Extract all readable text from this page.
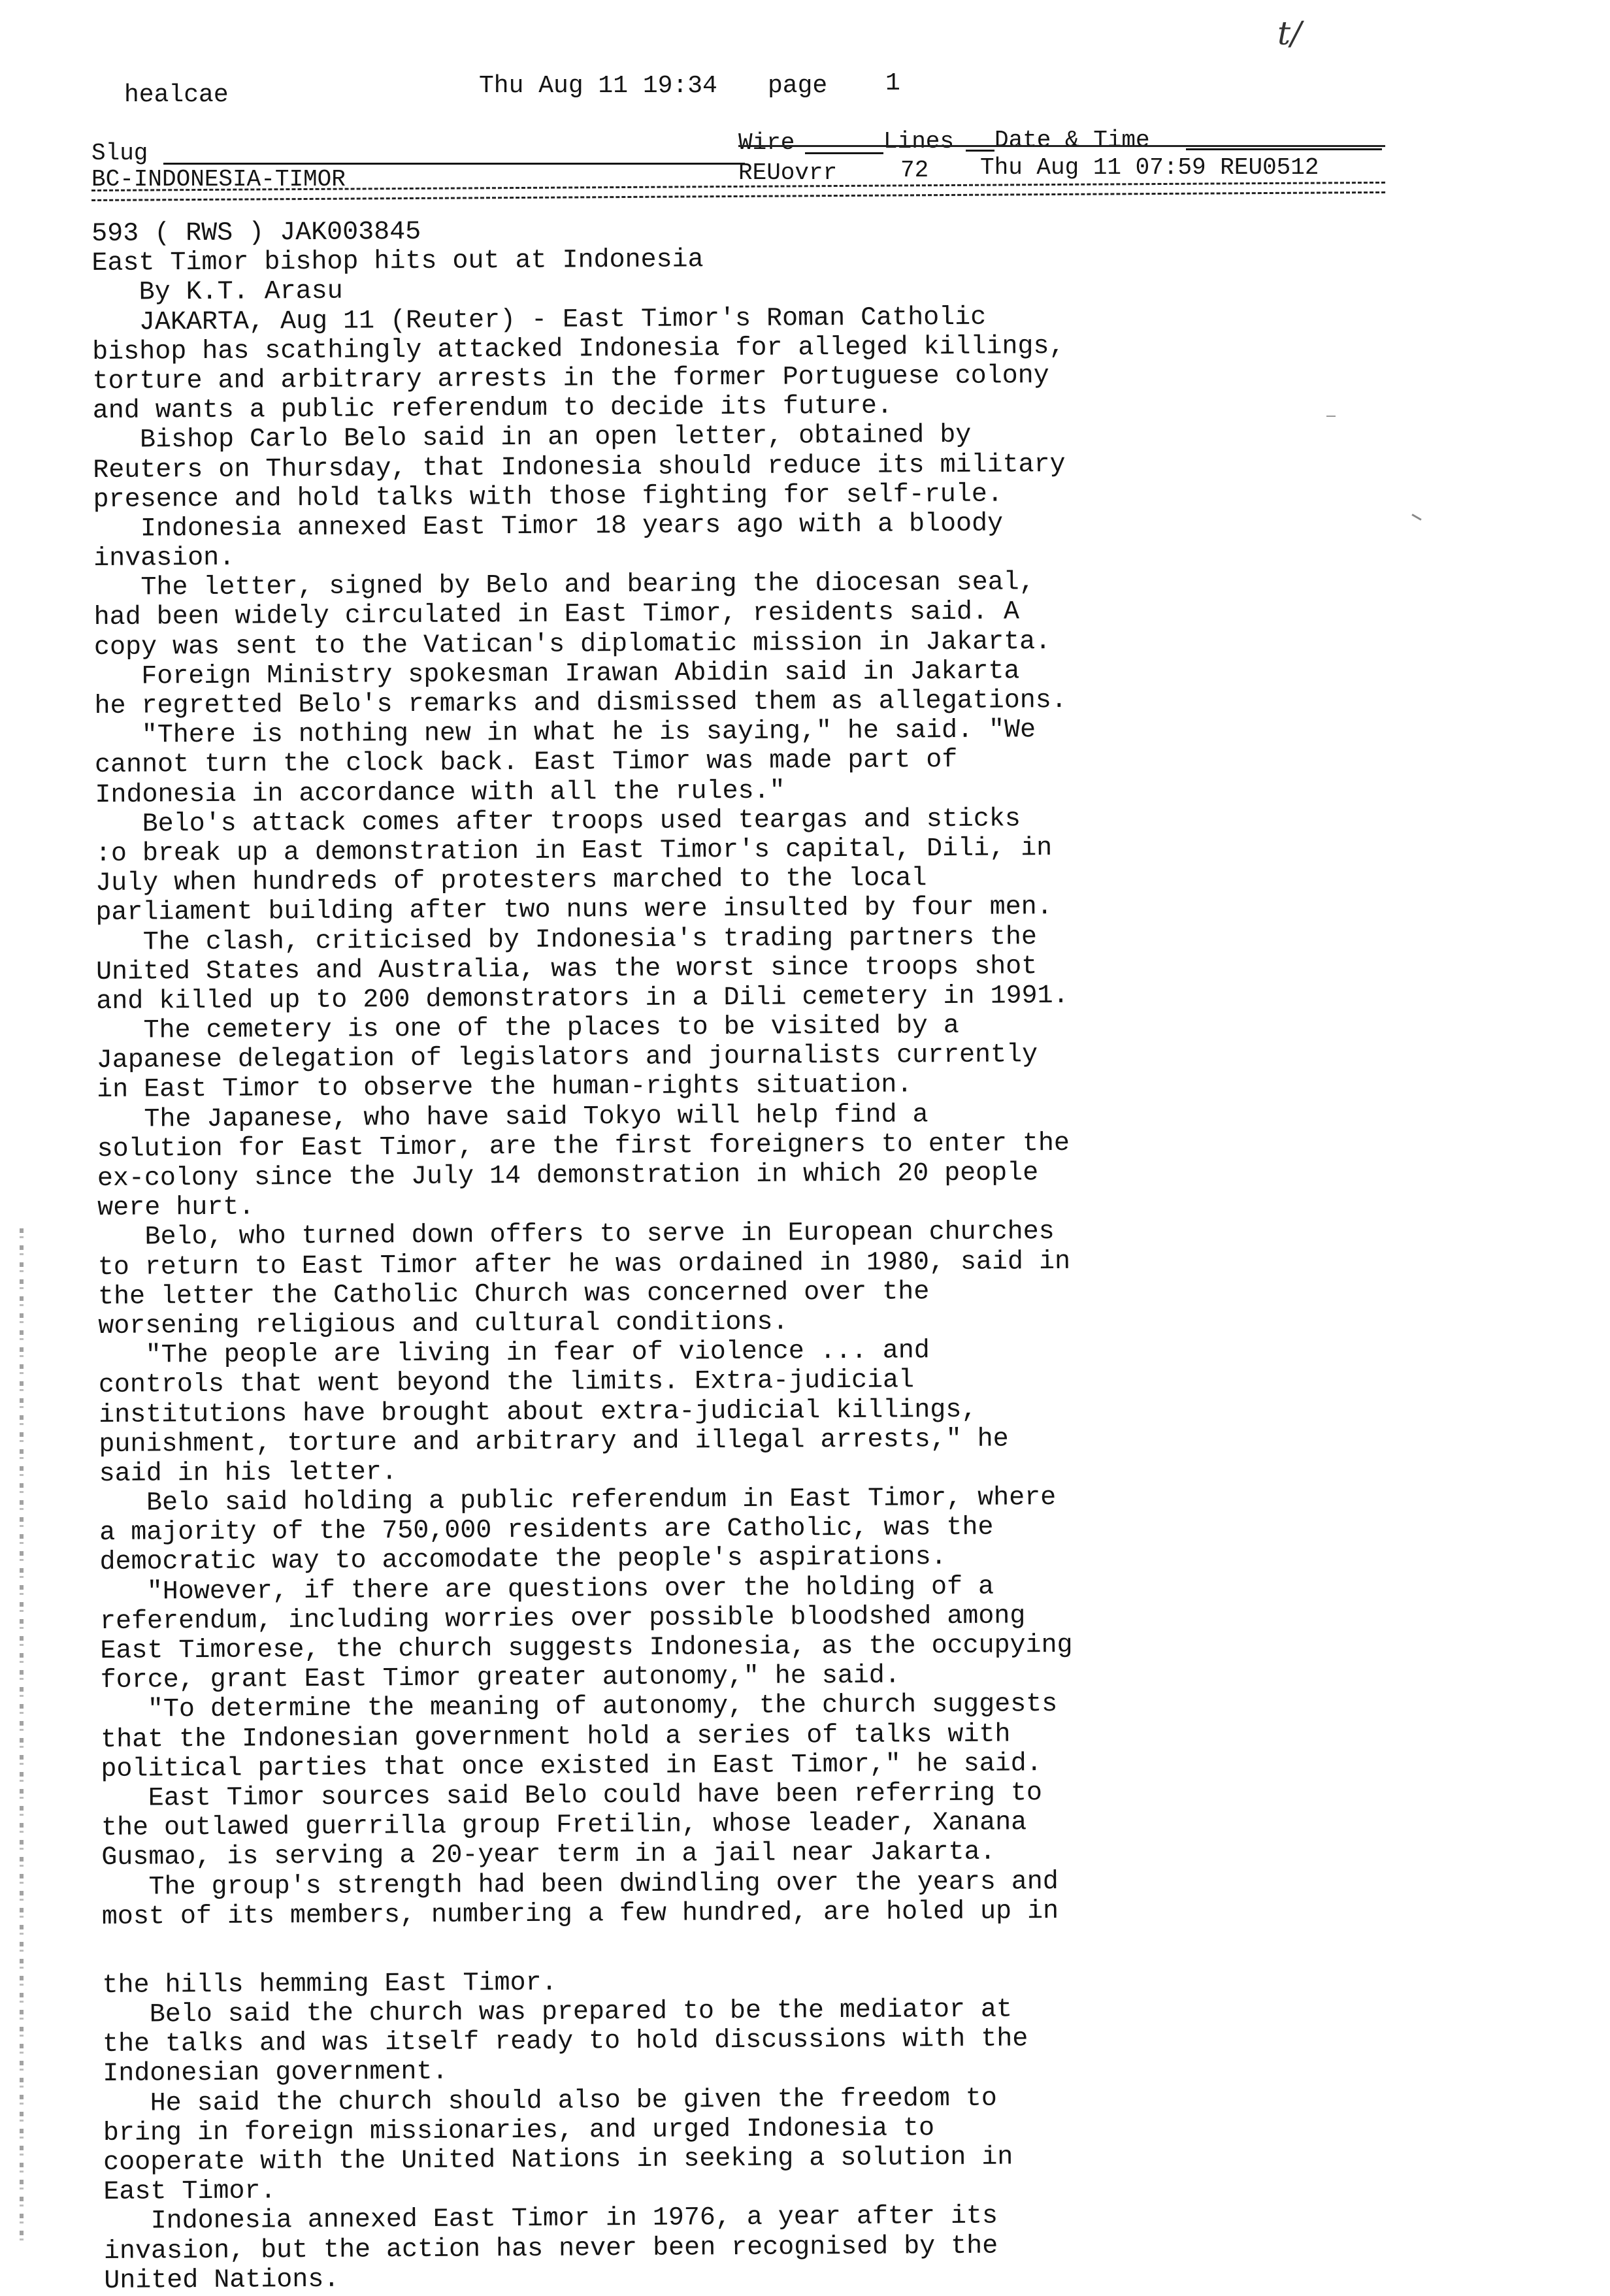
t/
healcae	Thu Aug 11 19:34 page 1
Slug	Wire	Lines Date & Time
BC-INDONESIA-TIMOR	REUovrr	72 Thu Aug 11 07:59 REU0512
593 ( RWS ) JAK003845
East Timor bishop hits out at Indonesia
By K.T. Arasu
JAKARTA, Aug 11 (Reuter) - East Timor's Roman Catholic
bishop has scathingly attacked Indonesia for alleged killings,
torture and arbitrary arrests in the former Portuguese colony
and wants a public referendum to decide its future.
Bishop Carlo Belo said in an open letter, obtained by
Reuters on Thursday, that Indonesia should reduce its military
presence and hold talks with those fighting for self-rule.
Indonesia annexed East Timor 18 years ago with a bloody
invasion.
The letter, signed by Belo and bearing the diocesan seal,
had been widely circulated in East Timor, residents said. A
copy was sent to the Vatican's diplomatic mission in Jakarta.
Foreign Ministry spokesman Irawan Abidin said in Jakarta
he regretted Belo's remarks and dismissed them as allegations.
"There is nothing new in what he is saying," he said. "We
cannot turn the clock back. East Timor was made part of
Indonesia in accordance with all the rules."
Belo's attack comes after troops used teargas and sticks
:o break up a demonstration in East Timor's capital, Dili, in
July when hundreds of protesters marched to the local
parliament building after two nuns were insulted by four men.
The clash, criticised by Indonesia's trading partners the
United States and Australia, was the worst since troops shot
and killed up to 200 demonstrators in a Dili cemetery in 1991.
The cemetery is one of the places to be visited by a
Japanese delegation of legislators and journalists currently
in East Timor to observe the human-rights situation.
The Japanese, who have said Tokyo will help find a
solution for East Timor, are the first foreigners to enter the
ex-colony since the July 14 demonstration in which 20 people
were hurt.
Belo, who turned down offers to serve in European churches
to return to East Timor after he was ordained in 1980, said in
the letter the Catholic Church was concerned over the
worsening religious and cultural conditions.
"The people are living in fear of violence ... and
controls that went beyond the limits. Extra-judicial
institutions have brought about extra-judicial killings,
punishment, torture and arbitrary and illegal arrests," he
said in his letter.
Belo said holding a public referendum in East Timor, where
a majority of the 750,000 residents are Catholic, was the
democratic way to accomodate the people's aspirations.
"However, if there are questions over the holding of a
referendum, including worries over possible bloodshed among
East Timorese, the church suggests Indonesia, as the occupying
force, grant East Timor greater autonomy," he said.
"To determine the meaning of autonomy, the church suggests
that the Indonesian government hold a series of talks with
political parties that once existed in East Timor," he said.
East Timor sources said Belo could have been referring to
the outlawed guerrilla group Fretilin, whose leader, Xanana
Gusmao, is serving a 20-year term in a jail near Jakarta.
The group's strength had been dwindling over the years and
most of its members, numbering a few hundred, are holed up in
the hills hemming East Timor.
Belo said the church was prepared to be the mediator at
the talks and was itself ready to hold discussions with the
Indonesian government.
He said the church should also be given the freedom to
bring in foreign missionaries, and urged Indonesia to
cooperate with the United Nations in seeking a solution in
East Timor.
Indonesia annexed East Timor in 1976, a year after its
invasion, but the action has never been recognised by the
United Nations.
